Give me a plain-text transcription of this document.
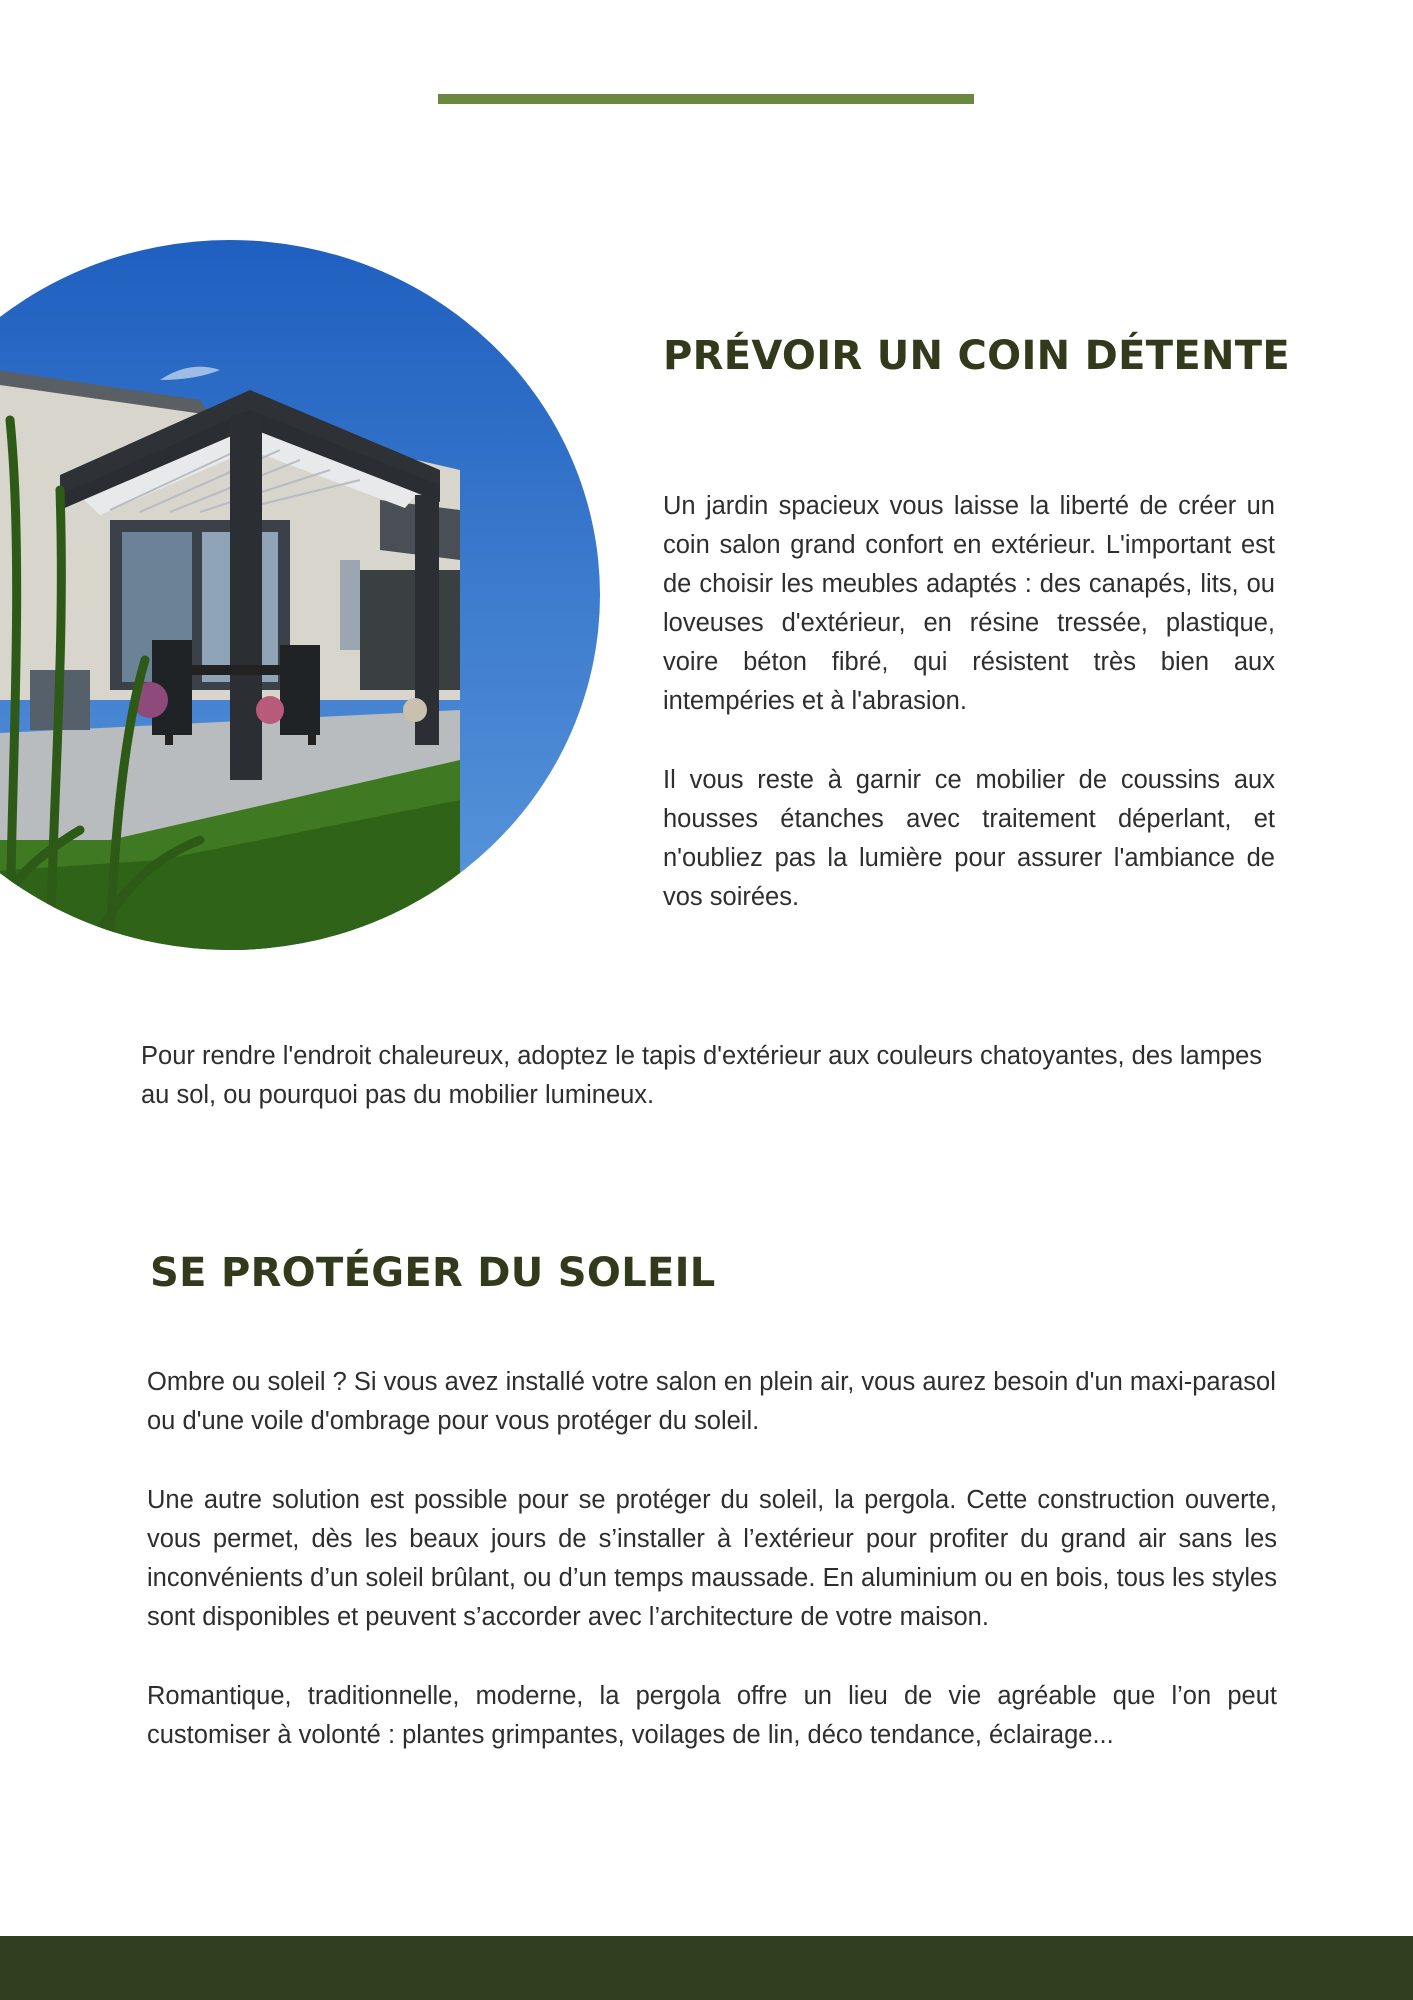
PRÉVOIR UN COIN DÉTENTE

Un jardin spacieux vous laisse la liberté de créer un coin salon grand confort en extérieur. L'important est de choisir les meubles adaptés : des canapés, lits, ou loveuses d'extérieur, en résine tressée, plastique, voire béton fibré, qui résistent très bien aux intempéries et à l'abrasion.

Il vous reste à garnir ce mobilier de coussins aux housses étanches avec traitement déperlant, et n'oubliez pas la lumière pour assurer l'ambiance de vos soirées.

Pour rendre l'endroit chaleureux, adoptez le tapis d'extérieur aux couleurs chatoyantes, des lampes au sol, ou pourquoi pas du mobilier lumineux.

SE PROTÉGER DU SOLEIL

Ombre ou soleil ? Si vous avez installé votre salon en plein air, vous aurez besoin d'un maxi-parasol ou d'une voile d'ombrage pour vous protéger du soleil.

Une autre solution est possible pour se protéger du soleil, la pergola. Cette construction ouverte, vous permet, dès les beaux jours de s’installer à l’extérieur pour profiter du grand air sans les inconvénients d’un soleil brûlant, ou d’un temps maussade. En aluminium ou en bois, tous les styles sont disponibles et peuvent s’accorder avec l’architecture de votre maison.

Romantique, traditionnelle, moderne, la pergola offre un lieu de vie agréable que l’on peut customiser à volonté : plantes grimpantes, voilages de lin, déco tendance, éclairage...
